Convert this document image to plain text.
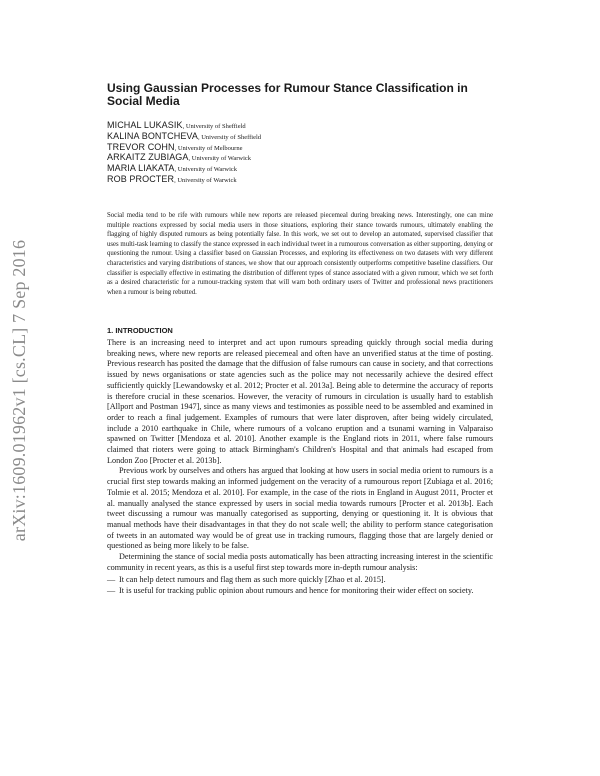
arXiv:1609.01962v1 [cs.CL] 7 Sep 2016
Using Gaussian Processes for Rumour Stance Classification in Social Media
MICHAL LUKASIK, University of Sheffield
KALINA BONTCHEVA, University of Sheffield
TREVOR COHN, University of Melbourne
ARKAITZ ZUBIAGA, University of Warwick
MARIA LIAKATA, University of Warwick
ROB PROCTER, University of Warwick

Social media tend to be rife with rumours while new reports are released piecemeal during breaking news. Interestingly, one can mine multiple reactions expressed by social media users in those situations, exploring their stance towards rumours, ultimately enabling the flagging of highly disputed rumours as being potentially false. In this work, we set out to develop an automated, supervised classifier that uses multi-task learning to classify the stance expressed in each individual tweet in a rumourous conversation as either supporting, denying or questioning the rumour. Using a classifier based on Gaussian Processes, and exploring its effectiveness on two datasets with very different characteristics and varying distributions of stances, we show that our approach consistently outperforms competitive baseline classifiers. Our classifier is especially effective in estimating the distribution of different types of stance associated with a given rumour, which we set forth as a desired characteristic for a rumour-tracking system that will warn both ordinary users of Twitter and professional news practitioners when a rumour is being rebutted.

1. INTRODUCTION

There is an increasing need to interpret and act upon rumours spreading quickly through social media during breaking news, where new reports are released piecemeal and often have an unverified status at the time of posting. Previous research has posited the damage that the diffusion of false rumours can cause in society, and that corrections issued by news organisations or state agencies such as the police may not necessarily achieve the desired effect sufficiently quickly [Lewandowsky et al. 2012; Procter et al. 2013a]. Being able to determine the accuracy of reports is therefore crucial in these scenarios. However, the veracity of rumours in circulation is usually hard to establish [Allport and Postman 1947], since as many views and testimonies as possible need to be assembled and examined in order to reach a final judgement. Examples of rumours that were later disproven, after being widely circulated, include a 2010 earthquake in Chile, where rumours of a volcano eruption and a tsunami warning in Valparaiso spawned on Twitter [Mendoza et al. 2010]. Another example is the England riots in 2011, where false rumours claimed that rioters were going to attack Birmingham's Children's Hospital and that animals had escaped from London Zoo [Procter et al. 2013b].

Previous work by ourselves and others has argued that looking at how users in social media orient to rumours is a crucial first step towards making an informed judgement on the veracity of a rumourous report [Zubiaga et al. 2016; Tolmie et al. 2015; Mendoza et al. 2010]. For example, in the case of the riots in England in August 2011, Procter et al. manually analysed the stance expressed by users in social media towards rumours [Procter et al. 2013b]. Each tweet discussing a rumour was manually categorised as supporting, denying or questioning it. It is obvious that manual methods have their disadvantages in that they do not scale well; the ability to perform stance categorisation of tweets in an automated way would be of great use in tracking rumours, flagging those that are largely denied or questioned as being more likely to be false.

Determining the stance of social media posts automatically has been attracting increasing interest in the scientific community in recent years, as this is a useful first step towards more in-depth rumour analysis:

— It can help detect rumours and flag them as such more quickly [Zhao et al. 2015].
— It is useful for tracking public opinion about rumours and hence for monitoring their wider effect on society.
